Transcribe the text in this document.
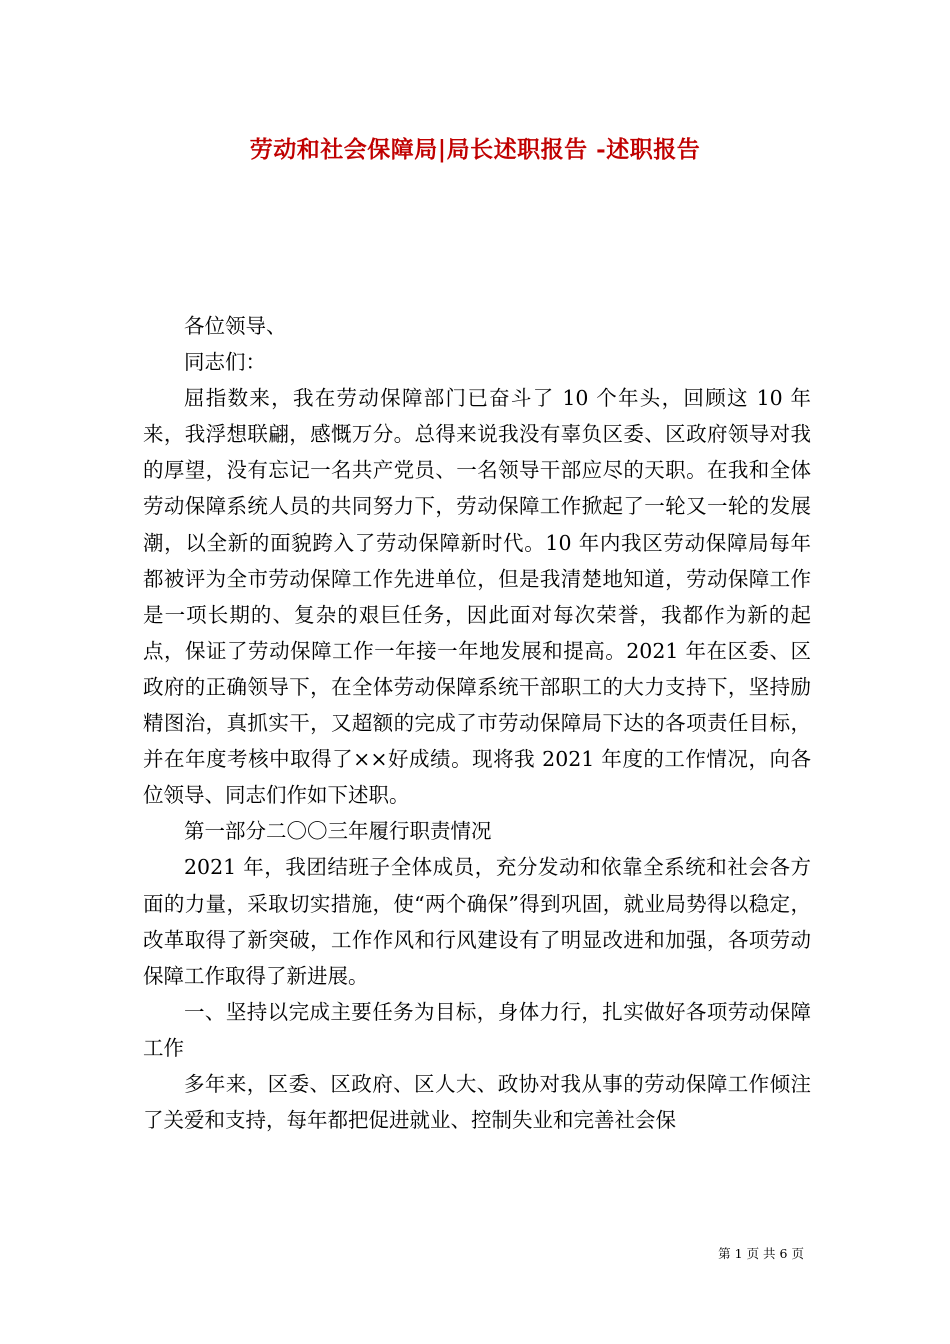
劳动和社会保障局|局长述职报告 -述职报告

各位领导、

同志们：

屈指数来，我在劳动保障部门已奋斗了 10 个年头，回顾这 10 年来，我浮想联翩，感慨万分。总得来说我没有辜负区委、区政府领导对我的厚望，没有忘记一名共产党员、一名领导干部应尽的天职。在我和全体劳动保障系统人员的共同努力下，劳动保障工作掀起了一轮又一轮的发展潮，以全新的面貌跨入了劳动保障新时代。10 年内我区劳动保障局每年都被评为全市劳动保障工作先进单位，但是我清楚地知道，劳动保障工作是一项长期的、复杂的艰巨任务，因此面对每次荣誉，我都作为新的起点，保证了劳动保障工作一年接一年地发展和提高。2021 年在区委、区政府的正确领导下，在全体劳动保障系统干部职工的大力支持下，坚持励精图治，真抓实干，又超额的完成了市劳动保障局下达的各项责任目标，并在年度考核中取得了××好成绩。现将我 2021 年度的工作情况，向各位领导、同志们作如下述职。

第一部分二〇〇三年履行职责情况

2021 年，我团结班子全体成员，充分发动和依靠全系统和社会各方面的力量，采取切实措施，使“两个确保”得到巩固，就业局势得以稳定，改革取得了新突破，工作作风和行风建设有了明显改进和加强，各项劳动保障工作取得了新进展。

一、坚持以完成主要任务为目标，身体力行，扎实做好各项劳动保障工作

多年来，区委、区政府、区人大、政协对我从事的劳动保障工作倾注了关爱和支持，每年都把促进就业、控制失业和完善社会保

第 1 页 共 6 页
